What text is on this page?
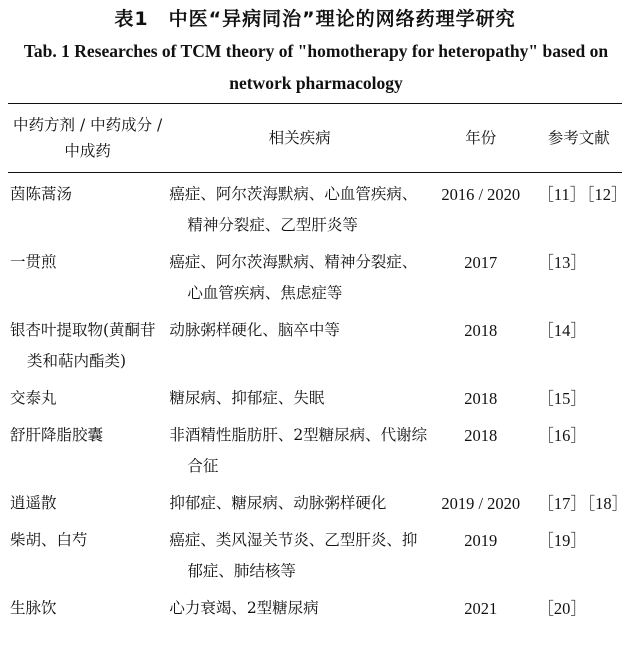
表1　中医“异病同治”理论的网络药理学研究
Tab. 1 Researches of TCM theory of "homotherapy for heteropathy" based on network pharmacology
中药方剂 / 中药成分 / 中成药	相关疾病	年份	参考文献

茵陈蒿汤	癌症、阿尔茨海默病、心血管疾病、精神分裂症、乙型肝炎等	2016 / 2020	［11］［12］

一贯煎	癌症、阿尔茨海默病、精神分裂症、心血管疾病、焦虑症等	2017	［13］

银杏叶提取物(黄酮苷类和萜内酯类)	动脉粥样硬化、脑卒中等	2018	［14］

交泰丸	糖尿病、抑郁症、失眠	2018	［15］

舒肝降脂胶囊	非酒精性脂肪肝、2型糖尿病、代谢综合征	2018	［16］

逍遥散	抑郁症、糖尿病、动脉粥样硬化	2019 / 2020	［17］［18］

柴胡、白芍	癌症、类风湿关节炎、乙型肝炎、抑郁症、肺结核等	2019	［19］

生脉饮	心力衰竭、2型糖尿病	2021	［20］
